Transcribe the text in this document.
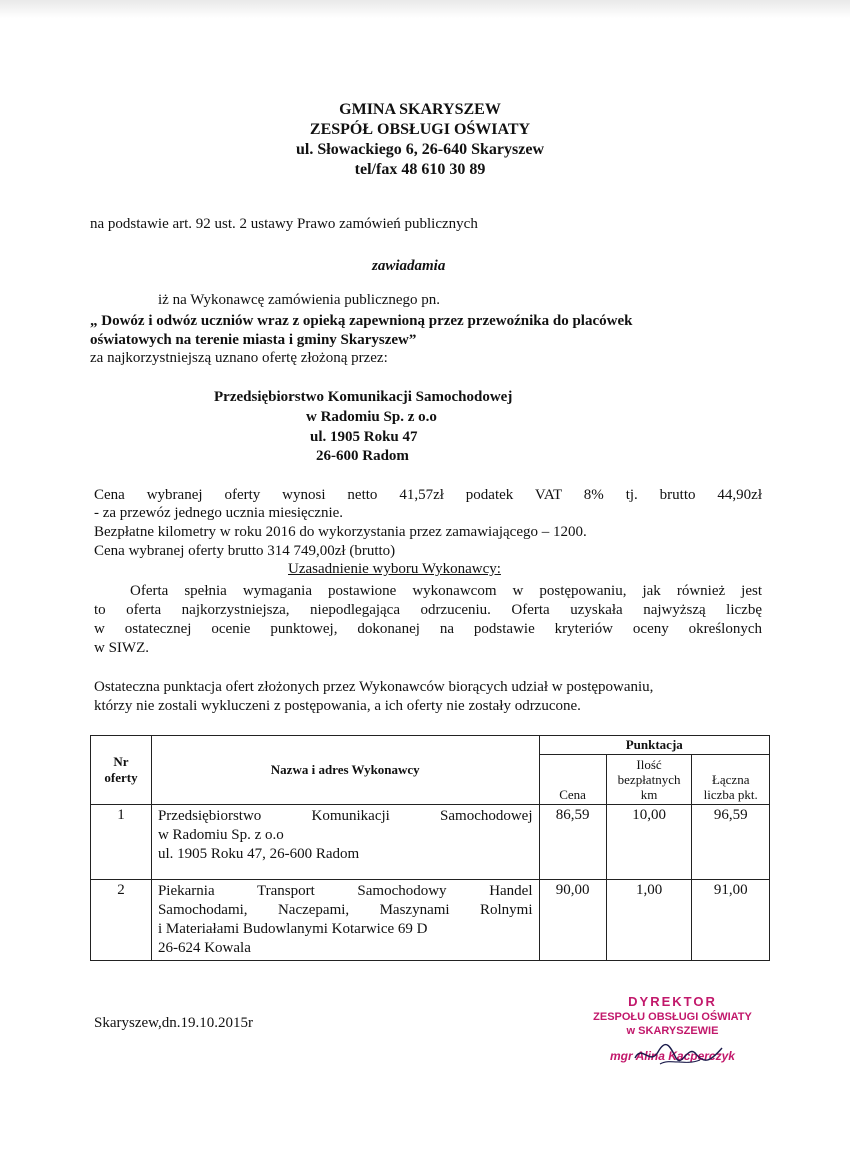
GMINA SKARYSZEW
ZESPÓŁ OBSŁUGI OŚWIATY
ul. Słowackiego 6, 26-640 Skaryszew
tel/fax 48 610 30 89
na podstawie art. 92 ust. 2 ustawy Prawo zamówień publicznych
zawiadamia
iż na Wykonawcę zamówienia publicznego pn.
„ Dowóz i odwóz uczniów wraz z opieką zapewnioną przez przewoźnika do placówek
oświatowych na terenie miasta i gminy Skaryszew”
za najkorzystniejszą uznano ofertę złożoną przez:
Przedsiębiorstwo Komunikacji Samochodowej
w Radomiu Sp. z o.o
ul. 1905 Roku 47
26-600 Radom
Cena wybranej oferty wynosi netto 41,57zł podatek VAT 8% tj. brutto 44,90zł
- za przewóz jednego ucznia miesięcznie.
Bezpłatne kilometry w roku 2016 do wykorzystania przez zamawiającego – 1200.
Cena wybranej oferty brutto 314 749,00zł (brutto)
Uzasadnienie wyboru Wykonawcy:
Oferta spełnia wymagania postawione wykonawcom w postępowaniu, jak również jest
to oferta najkorzystniejsza, niepodlegająca odrzuceniu. Oferta uzyskała najwyższą liczbę
w ostatecznej ocenie punktowej, dokonanej na podstawie kryteriów oceny określonych
w SIWZ.
Ostateczna punktacja ofert złożonych przez Wykonawców biorących udział w postępowaniu,
którzy nie zostali wykluczeni z postępowania, a ich oferty nie zostały odrzucone.
Nr oferty	Nazwa i adres Wykonawcy	Punktacja		
		Cena	Ilość bezpłatnych km	Łączna liczba pkt.
1	Przedsiębiorstwo Komunikacji Samochodowej
w Radomiu Sp. z o.o
ul. 1905 Roku 47, 26-600 Radom	86,59	10,00	96,59
2	Piekarnia Transport Samochodowy Handel
Samochodami, Naczepami, Maszynami Rolnymi
i Materiałami Budowlanymi Kotarwice 69 D
26-624 Kowala	90,00	1,00	91,00
Skaryszew,dn.19.10.2015r
DYREKTOR
ZESPOŁU OBSŁUGI OŚWIATY
w SKARYSZEWIE
mgr Alina Kacperczyk
